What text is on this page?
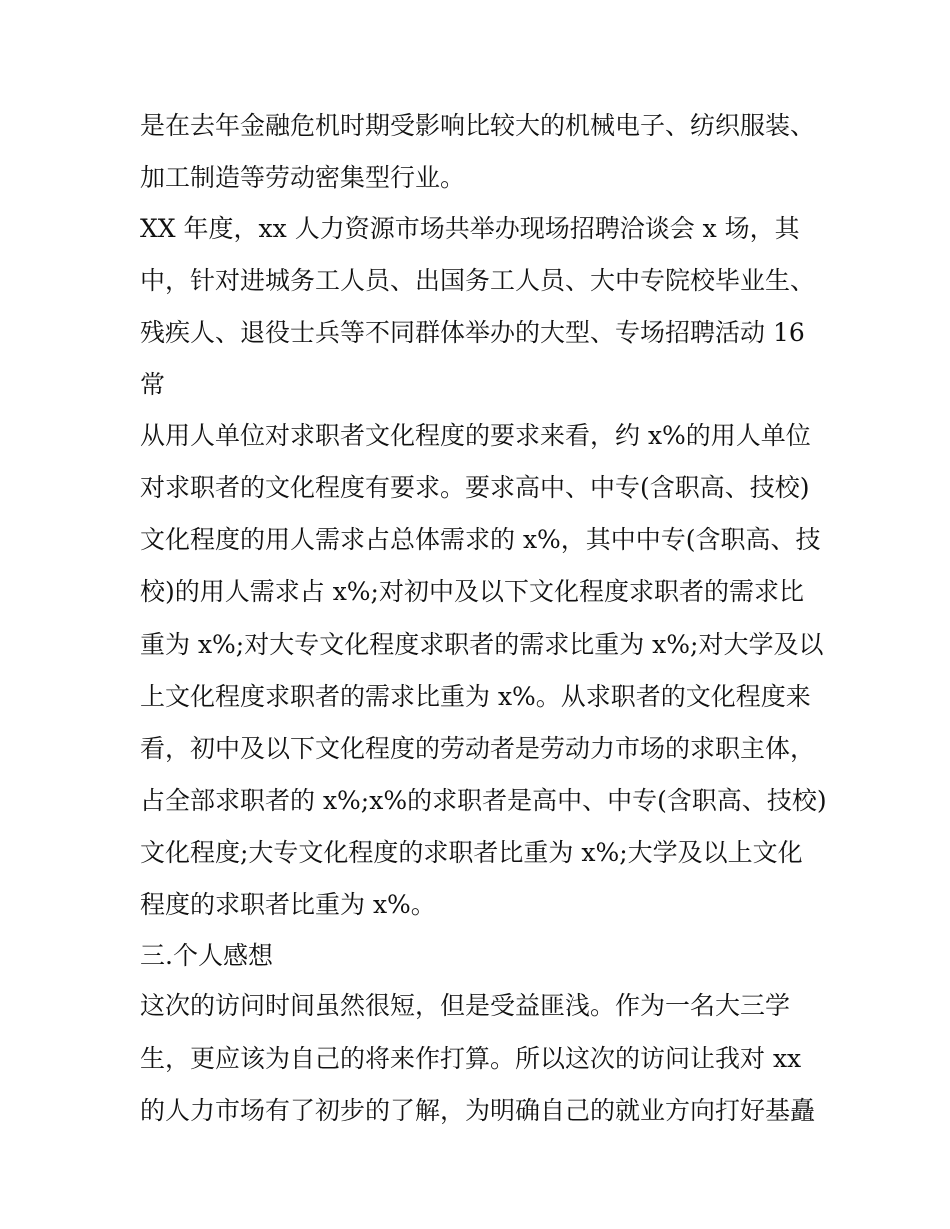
是在去年金融危机时期受影响比较大的机械电子、纺织服装、
加工制造等劳动密集型行业。
XX 年度，xx 人力资源市场共举办现场招聘洽谈会 x 场，其
中，针对进城务工人员、出国务工人员、大中专院校毕业生、
残疾人、退役士兵等不同群体举办的大型、专场招聘活动 16
常
从用人单位对求职者文化程度的要求来看，约 x%的用人单位
对求职者的文化程度有要求。要求高中、中专(含职高、技校)
文化程度的用人需求占总体需求的 x%，其中中专(含职高、技
校)的用人需求占 x%;对初中及以下文化程度求职者的需求比
重为 x%;对大专文化程度求职者的需求比重为 x%;对大学及以
上文化程度求职者的需求比重为 x%。从求职者的文化程度来
看，初中及以下文化程度的劳动者是劳动力市场的求职主体，
占全部求职者的 x%;x%的求职者是高中、中专(含职高、技校)
文化程度;大专文化程度的求职者比重为 x%;大学及以上文化
程度的求职者比重为 x%。
三.个人感想
这次的访问时间虽然很短，但是受益匪浅。作为一名大三学
生，更应该为自己的将来作打算。所以这次的访问让我对 xx
的人力市场有了初步的了解，为明确自己的就业方向打好基矗
